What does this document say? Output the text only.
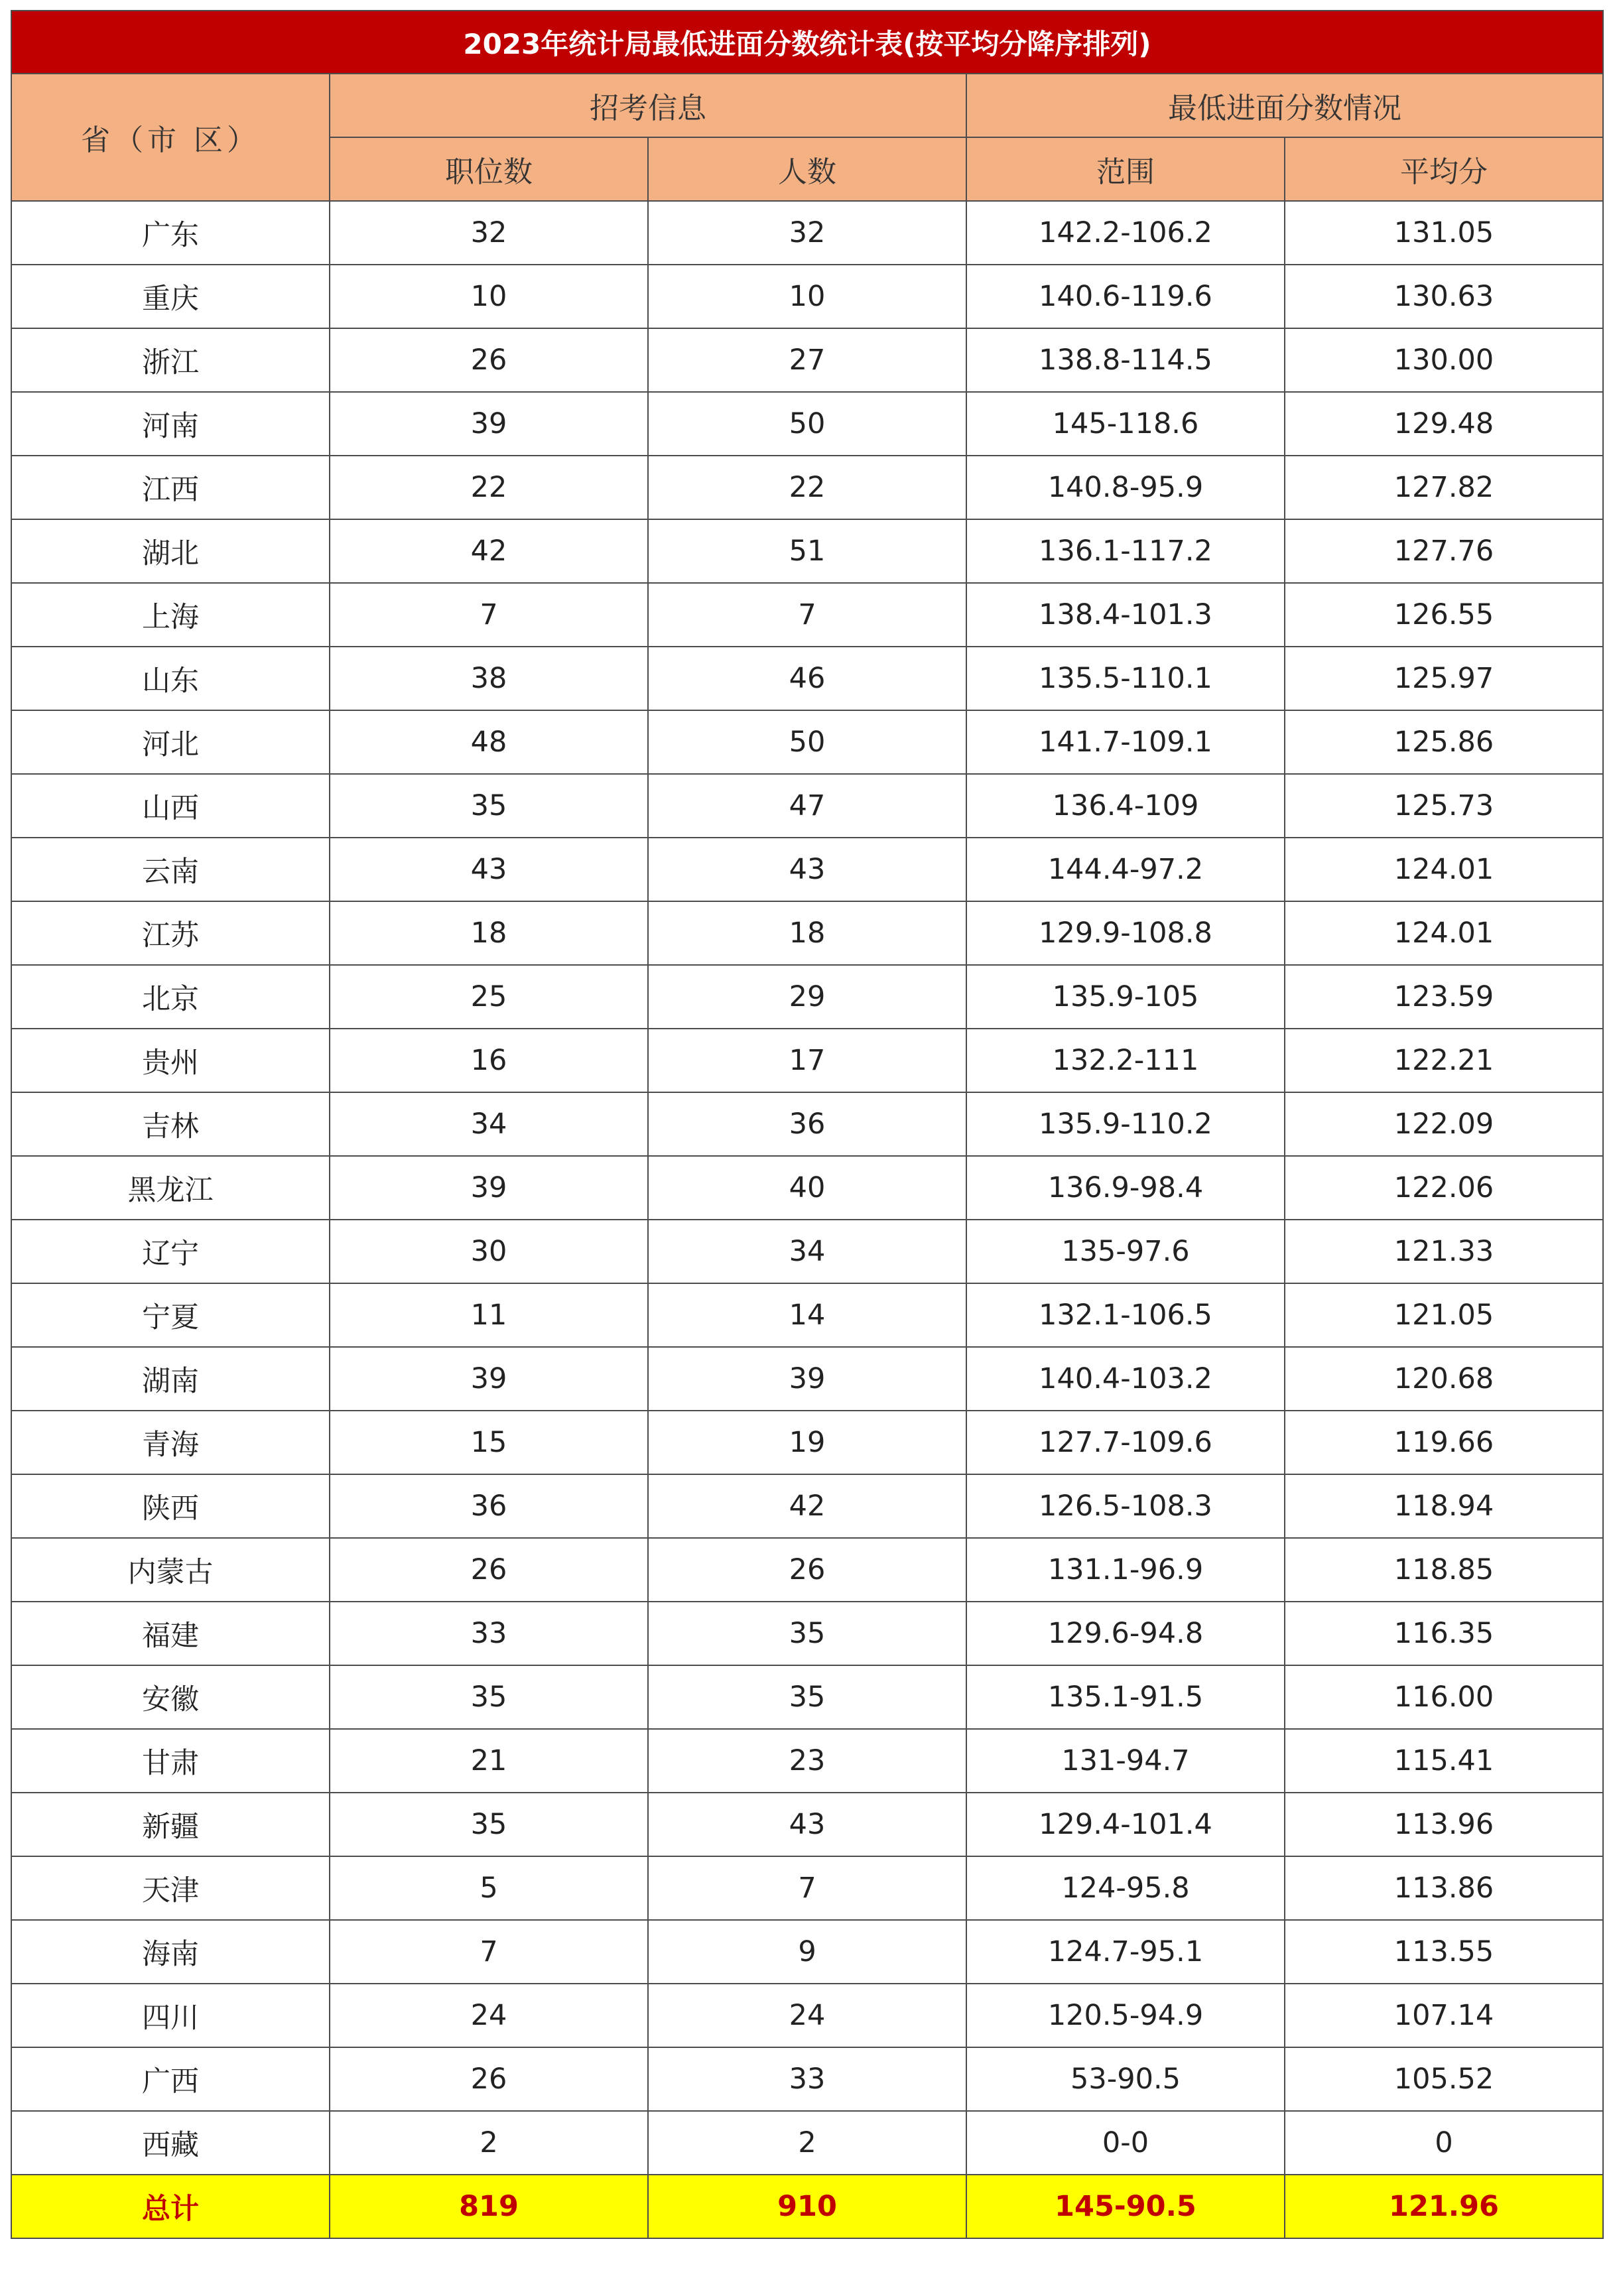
2023年统计局最低进面分数统计表(按平均分降序排列)				
省（市 区）	招考信息		最低进面分数情况	
	职位数	人数	范围	平均分
广东	32	32	142.2-106.2	131.05
重庆	10	10	140.6-119.6	130.63
浙江	26	27	138.8-114.5	130.00
河南	39	50	145-118.6	129.48
江西	22	22	140.8-95.9	127.82
湖北	42	51	136.1-117.2	127.76
上海	7	7	138.4-101.3	126.55
山东	38	46	135.5-110.1	125.97
河北	48	50	141.7-109.1	125.86
山西	35	47	136.4-109	125.73
云南	43	43	144.4-97.2	124.01
江苏	18	18	129.9-108.8	124.01
北京	25	29	135.9-105	123.59
贵州	16	17	132.2-111	122.21
吉林	34	36	135.9-110.2	122.09
黑龙江	39	40	136.9-98.4	122.06
辽宁	30	34	135-97.6	121.33
宁夏	11	14	132.1-106.5	121.05
湖南	39	39	140.4-103.2	120.68
青海	15	19	127.7-109.6	119.66
陕西	36	42	126.5-108.3	118.94
内蒙古	26	26	131.1-96.9	118.85
福建	33	35	129.6-94.8	116.35
安徽	35	35	135.1-91.5	116.00
甘肃	21	23	131-94.7	115.41
新疆	35	43	129.4-101.4	113.96
天津	5	7	124-95.8	113.86
海南	7	9	124.7-95.1	113.55
四川	24	24	120.5-94.9	107.14
广西	26	33	53-90.5	105.52
西藏	2	2	0-0	0
总计	819	910	145-90.5	121.96
